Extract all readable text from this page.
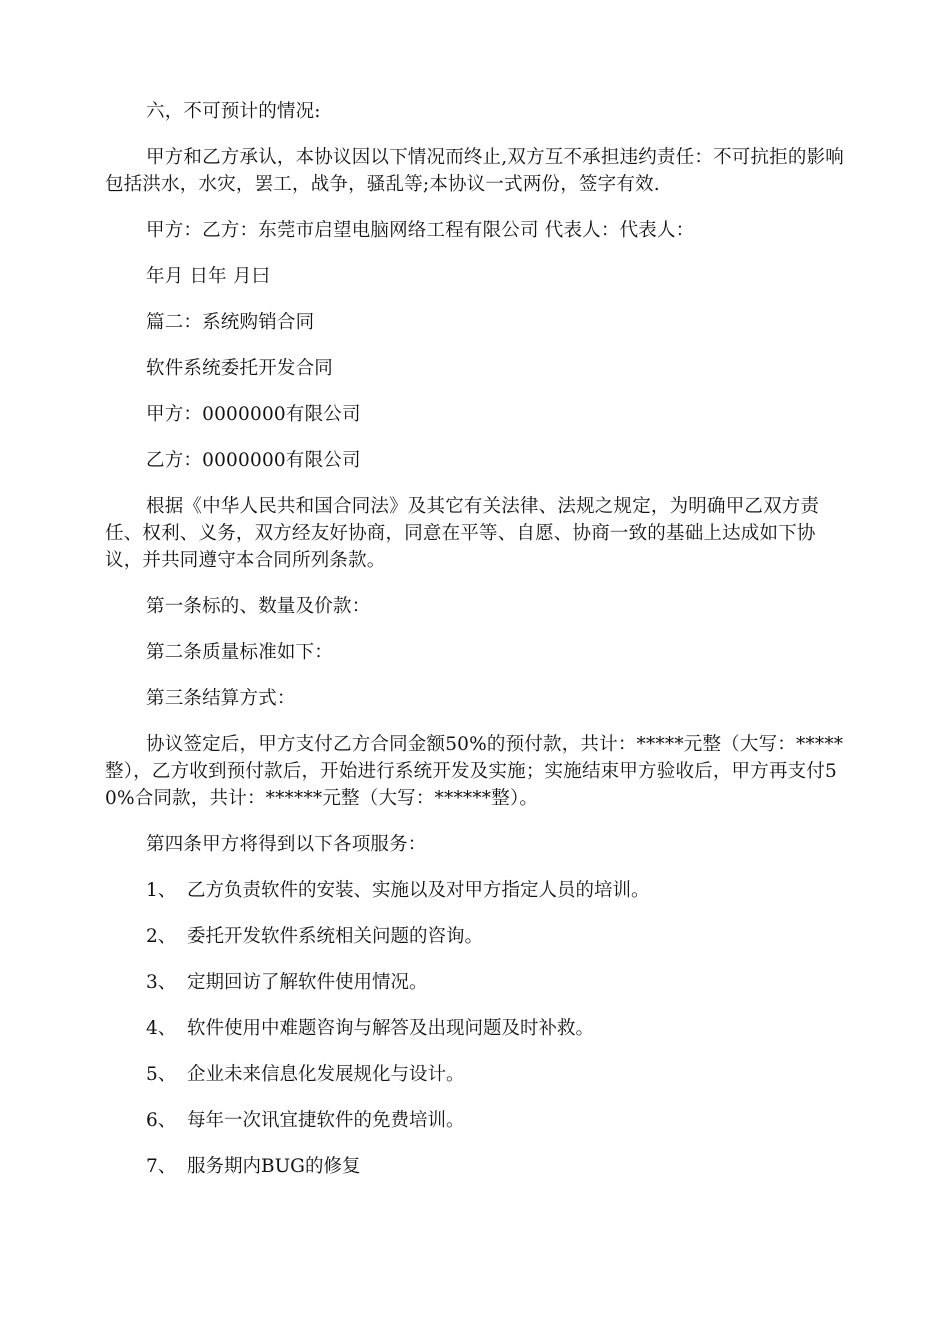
六，不可预计的情况:

甲方和乙方承认，本协议因以下情况而终止,双方互不承担违约责任：不可抗拒的影响包括洪水，水灾，罢工，战争，骚乱等;本协议一式两份，签字有效.

甲方：乙方：东莞市启望电脑网络工程有限公司 代表人：代表人：

年月 日年 月曰

篇二：系统购销合同

软件系统委托开发合同

甲方：0000000有限公司

乙方：0000000有限公司

根据《中华人民共和国合同法》及其它有关法律、法规之规定，为明确甲乙双方责任、权利、义务，双方经友好协商，同意在平等、自愿、协商一致的基础上达成如下协议，并共同遵守本合同所列条款。

第一条标的、数量及价款：

第二条质量标准如下：

第三条结算方式：

协议签定后，甲方支付乙方合同金额50%的预付款，共计：*****元整（大写：*****整），乙方收到预付款后，开始进行系统开发及实施；实施结束甲方验收后，甲方再支付50%合同款，共计：******元整（大写：******整）。

第四条甲方将得到以下各项服务：

1、 乙方负责软件的安装、实施以及对甲方指定人员的培训。
2、 委托开发软件系统相关问题的咨询。
3、 定期回访了解软件使用情况。
4、 软件使用中难题咨询与解答及出现问题及时补救。
5、 企业未来信息化发展规化与设计。
6、 每年一次讯宜捷软件的免费培训。
7、 服务期内BUG的修复
